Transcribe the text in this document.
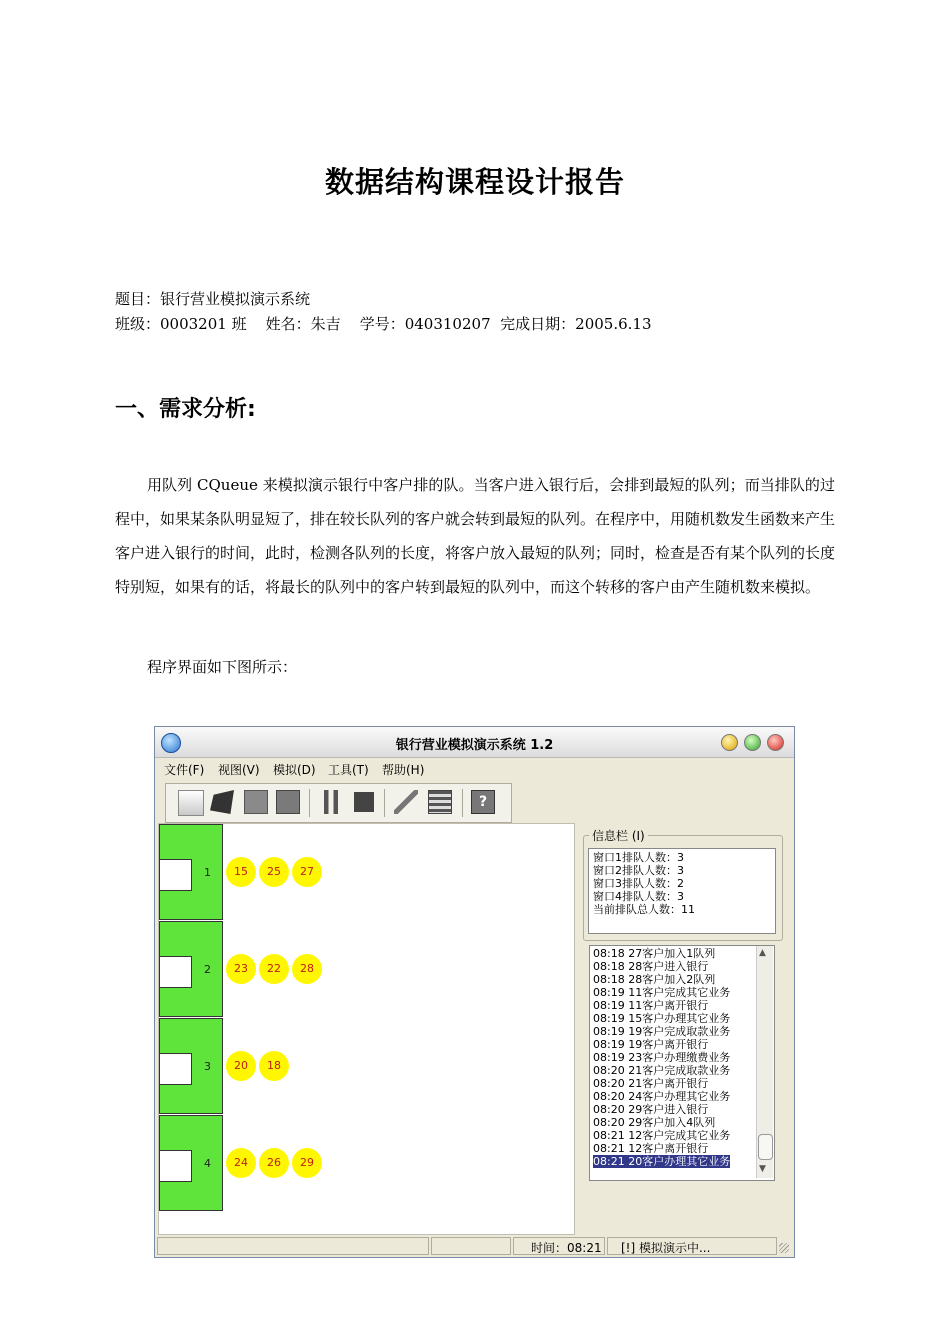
数据结构课程设计报告
题目：银行营业模拟演示系统
班级：0003201 班    姓名：朱吉    学号：040310207  完成日期：2005.6.13
一、需求分析:
用队列 CQueue 来模拟演示银行中客户排的队。当客户进入银行后，会排到最短的队列；而当排队的过程中，如果某条队明显短了，排在较长队列的客户就会转到最短的队列。在程序中，用随机数发生函数来产生客户进入银行的时间，此时，检测各队列的长度，将客户放入最短的队列；同时，检查是否有某个队列的长度特别短，如果有的话，将最长的队列中的客户转到最短的队列中，而这个转移的客户由产生随机数来模拟。
程序界面如下图所示：
银行营业模拟演示系统 1.2
文件(F) 视图(V) 模拟(D) 工具(T) 帮助(H)
?
1	15	25	27
2	23	22	28
3	20	18
4	24	26	29
窗口1排队人数：3
窗口2排队人数：3
窗口3排队人数：2
窗口4排队人数：3
当前排队总人数：11
信息栏 (I)
08:18 27客户加入1队列
08:18 28客户进入银行
08:18 28客户加入2队列
08:19 11客户完成其它业务
08:19 11客户离开银行
08:19 15客户办理其它业务
08:19 19客户完成取款业务
08:19 19客户离开银行
08:19 23客户办理缴费业务
08:20 21客户完成取款业务
08:20 21客户离开银行
08:20 24客户办理其它业务
08:20 29客户进入银行
08:20 29客户加入4队列
08:21 12客户完成其它业务
08:21 12客户离开银行
08:21 20客户办理其它业务
▲
▼
时间：08:21 [!] 模拟演示中...
